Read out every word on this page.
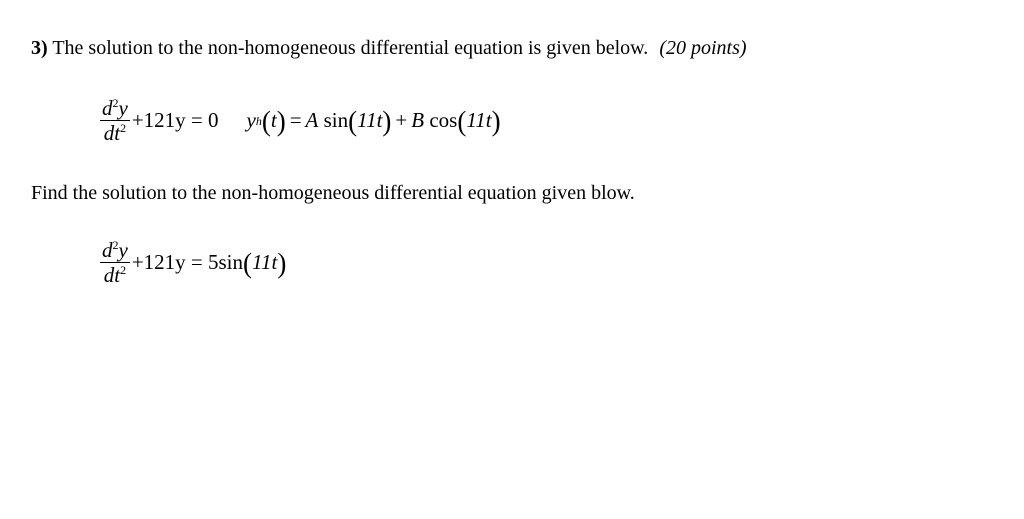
3) The solution to the non-homogeneous differential equation is given below. (20 points)
$\frac{d^2y}{dt^2} +121y = 0$ y h ( t ) = A
sin ( 11t ) + B
cos ( 11t )
Find the solution to the non-homogeneous differential equation given blow.
$\frac{d^2y}{dt^2} +121y = 5\sin$ ( 11t )
